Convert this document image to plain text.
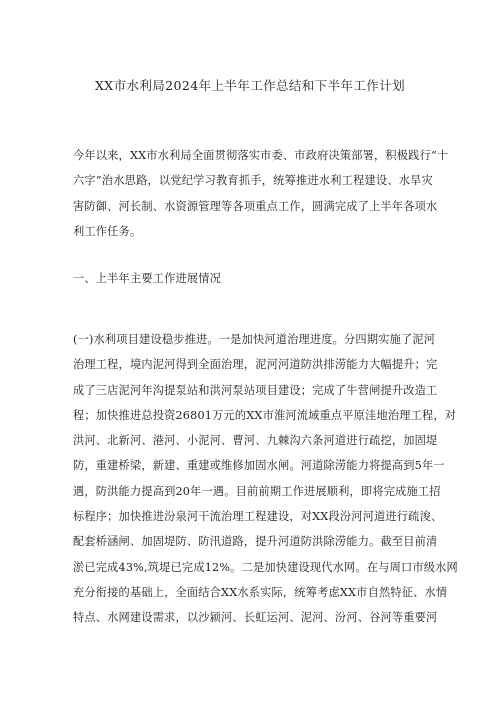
XX市水利局2024年上半年工作总结和下半年工作计划
今年以来，XX市水利局全面贯彻落实市委、市政府决策部署，积极践行“十
六字”治水思路，以党纪学习教育抓手，统筹推进水利工程建设、水旱灾
害防御、河长制、水资源管理等各项重点工作，圆满完成了上半年各项水
利工作任务。
一、上半年主要工作进展情况
(一)水利项目建设稳步推进。一是加快河道治理进度。分四期实施了泥河
治理工程，境内泥河得到全面治理，泥河河道防洪排涝能力大幅提升；完
成了三店泥河年沟提泵站和洪河泵站项目建设；完成了牛营闸提升改造工
程；加快推进总投资26801万元的XX市淮河流域重点平原洼地治理工程，对
洪河、北新河、港河、小泥河、曹河、九棘沟六条河道进行疏挖，加固堤
防，重建桥梁，新建、重建或维修加固水闸。河道除涝能力将提高到5年一
遇，防洪能力提高到20年一遇。目前前期工作进展顺利，即将完成施工招
标程序；加快推进汾泉河干流治理工程建设，对XX段汾河河道进行疏浚、
配套桥涵闸、加固堤防、防汛道路，提升河道防洪除涝能力。截至目前清
淤已完成43%,筑堤已完成12%。二是加快建设现代水网。在与周口市级水网
充分衔接的基础上，全面结合XX水系实际，统筹考虑XX市自然特征、水情
特点、水网建设需求，以沙颍河、长虹运河、泥河、汾河、谷河等重要河
